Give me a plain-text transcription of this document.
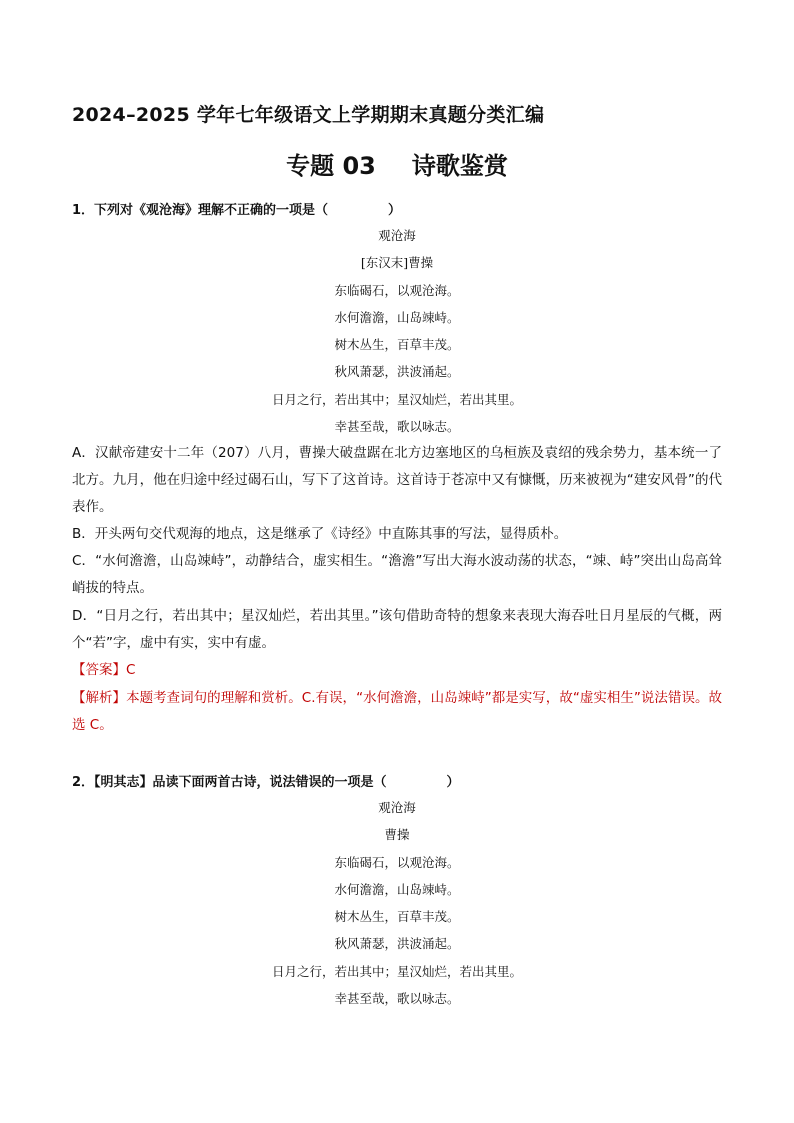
2024–2025 学年七年级语文上学期期末真题分类汇编
专题 03 诗歌鉴赏
1．下列对《观沧海》理解不正确的一项是（	）
观沧海
[东汉末]曹操
东临碣石，以观沧海。
水何澹澹，山岛竦峙。
树木丛生，百草丰茂。
秋风萧瑟，洪波涌起。
日月之行，若出其中；星汉灿烂，若出其里。
幸甚至哉，歌以咏志。
A．汉献帝建安十二年（207）八月，曹操大破盘踞在北方边塞地区的乌桓族及袁绍的残余势力，基本统一了北方。九月，他在归途中经过碣石山，写下了这首诗。这首诗于苍凉中又有慷慨，历来被视为“建安风骨”的代表作。
B．开头两句交代观海的地点，这是继承了《诗经》中直陈其事的写法，显得质朴。
C．“水何澹澹，山岛竦峙”，动静结合，虚实相生。“澹澹”写出大海水波动荡的状态，“竦、峙”突出山岛高耸峭拔的特点。
D．“日月之行，若出其中；星汉灿烂，若出其里。”该句借助奇特的想象来表现大海吞吐日月星辰的气概，两个“若”字，虚中有实，实中有虚。
【答案】C
【解析】本题考查词句的理解和赏析。C.有误，“水何澹澹，山岛竦峙”都是实写，故“虚实相生”说法错误。故选 C。
2．【明其志】品读下面两首古诗，说法错误的一项是（	）
观沧海
曹操
东临碣石，以观沧海。
水何澹澹，山岛竦峙。
树木丛生，百草丰茂。
秋风萧瑟，洪波涌起。
日月之行，若出其中；星汉灿烂，若出其里。
幸甚至哉，歌以咏志。
